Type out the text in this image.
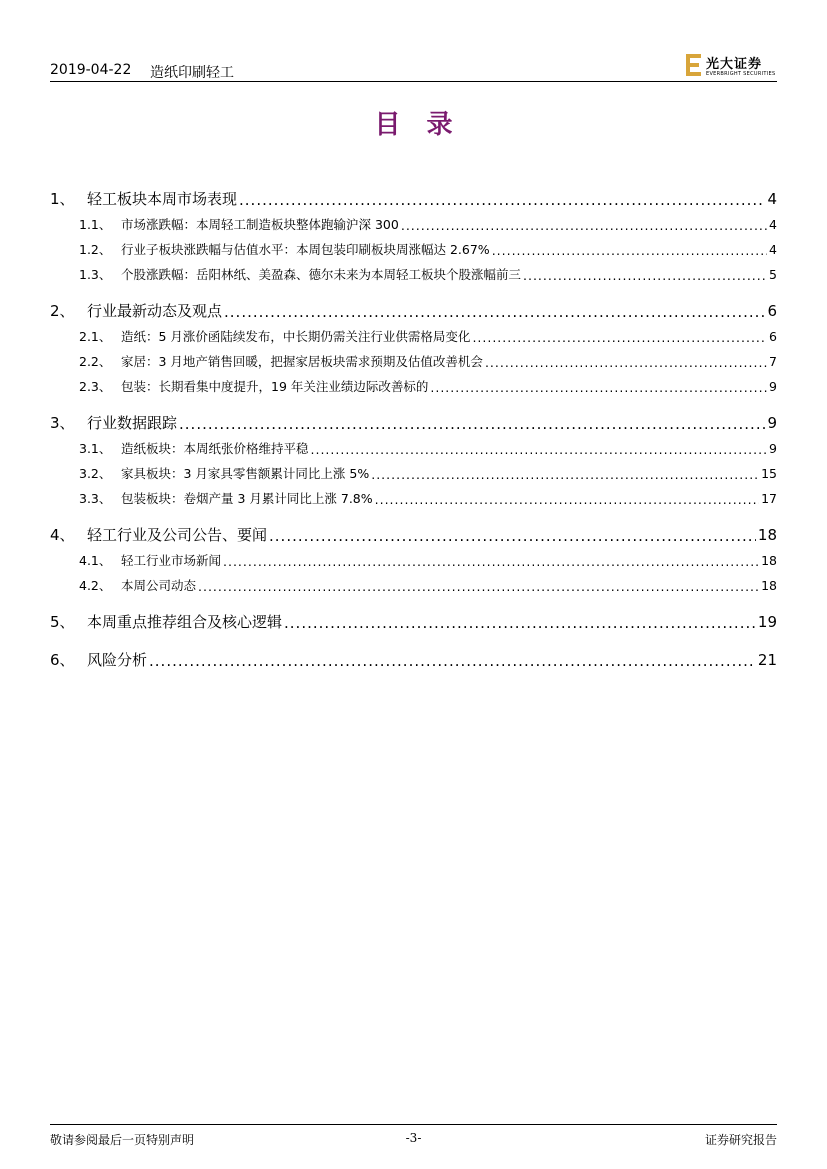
2019-04-22 造纸印刷轻工
光大证券
EVERBRIGHT SECURITIES
目录
1、 轻工板块本周市场表现 .....	4
1.1、 市场涨跌幅：本周轻工制造板块整体跑输沪深 300 .....	4
1.2、 行业子板块涨跌幅与估值水平：本周包装印刷板块周涨幅达 2.67% .....	4
1.3、 个股涨跌幅：岳阳林纸、美盈森、德尔未来为本周轻工板块个股涨幅前三 .....	5
2、 行业最新动态及观点 .....	6
2.1、 造纸：5 月涨价函陆续发布，中长期仍需关注行业供需格局变化 .....	6
2.2、 家居：3 月地产销售回暖，把握家居板块需求预期及估值改善机会 .....	7
2.3、 包装：长期看集中度提升，19 年关注业绩边际改善标的 .....	9
3、 行业数据跟踪 .....	9
3.1、 造纸板块：本周纸张价格维持平稳 .....	9
3.2、 家具板块：3 月家具零售额累计同比上涨 5% .....	15
3.3、 包装板块：卷烟产量 3 月累计同比上涨 7.8% .....	17
4、 轻工行业及公司公告、要闻 .....	18
4.1、 轻工行业市场新闻 .....	18
4.2、 本周公司动态 .....	18
5、 本周重点推荐组合及核心逻辑 .....	19
6、 风险分析 .....	21
敬请参阅最后一页特别声明	-3-	证券研究报告
